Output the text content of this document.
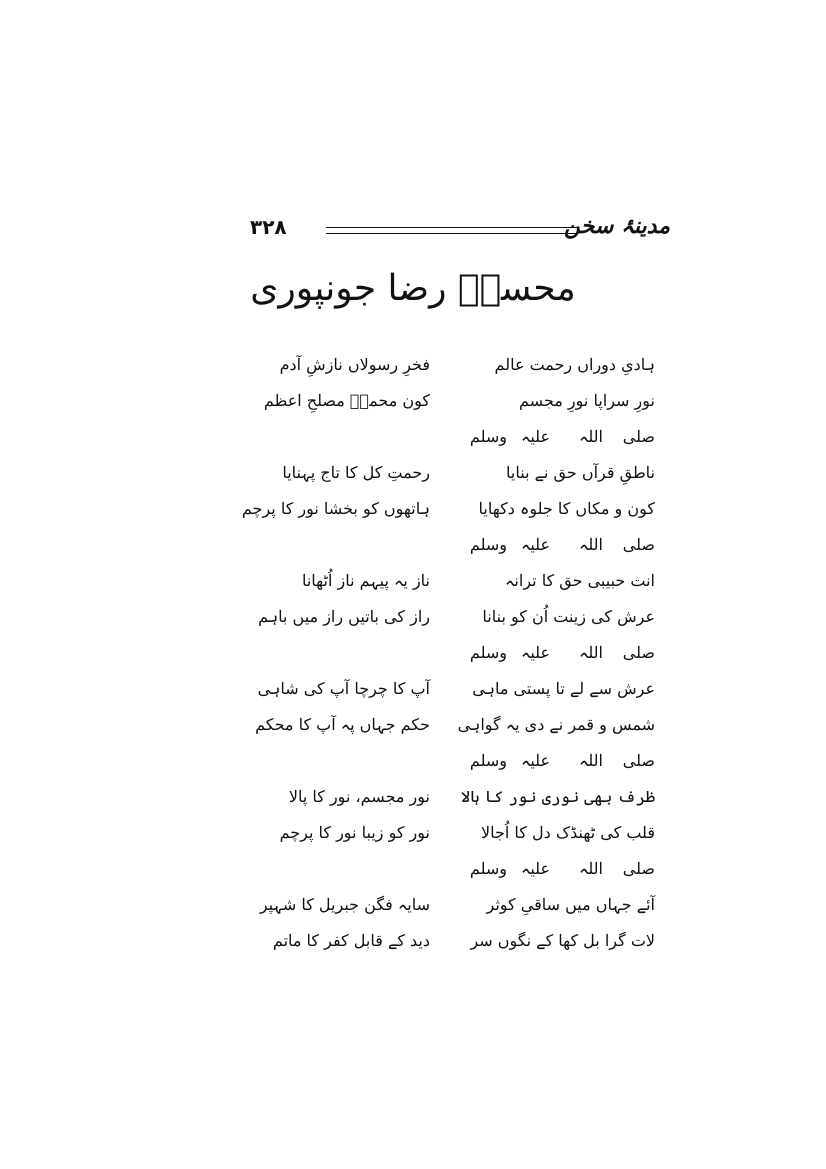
۳۲۸	مدینۂ سخن
محسنؔ رضا جونپوری
ہادیِ دوراں رحمت عالم
فخرِ رسولاں نازشِ آدم
نورِ سراپا نورِ مجسم
کون محمدؐ مصلحِ اعظم
صلی
اللہ
علیہ
وسلم
ناطقِ قرآں حق نے بنایا
رحمتِ کل کا تاج پہنایا
کون و مکاں کا جلوہ دکھایا
ہاتھوں کو بخشا نور کا پرچم
صلی
اللہ
علیہ
وسلم
انت حبیبی حق کا ترانہ
ناز یہ پیہم ناز اُٹھانا
عرش کی زینت اُن کو بنانا
راز کی باتیں راز میں باہم
صلی
اللہ
علیہ
وسلم
عرش سے لے تا پستی ماہی
آپ کا چرچا آپ کی شاہی
شمس و قمر نے دی یہ گواہی
حکم جہاں پہ آپ کا محکم
صلی
اللہ
علیہ
وسلم
ظرف بھی نوری نور کا ہالا
نور مجسم، نور کا پالا
قلب کی ٹھنڈک دل کا اُجالا
نور کو زیبا نور کا پرچم
صلی
اللہ
علیہ
وسلم
آئے جہاں میں ساقیِ کوثر
سایہ فگن جبریل کا شہپر
لات گرا بل کھا کے نگوں سر
دید کے قابل کفر کا ماتم
